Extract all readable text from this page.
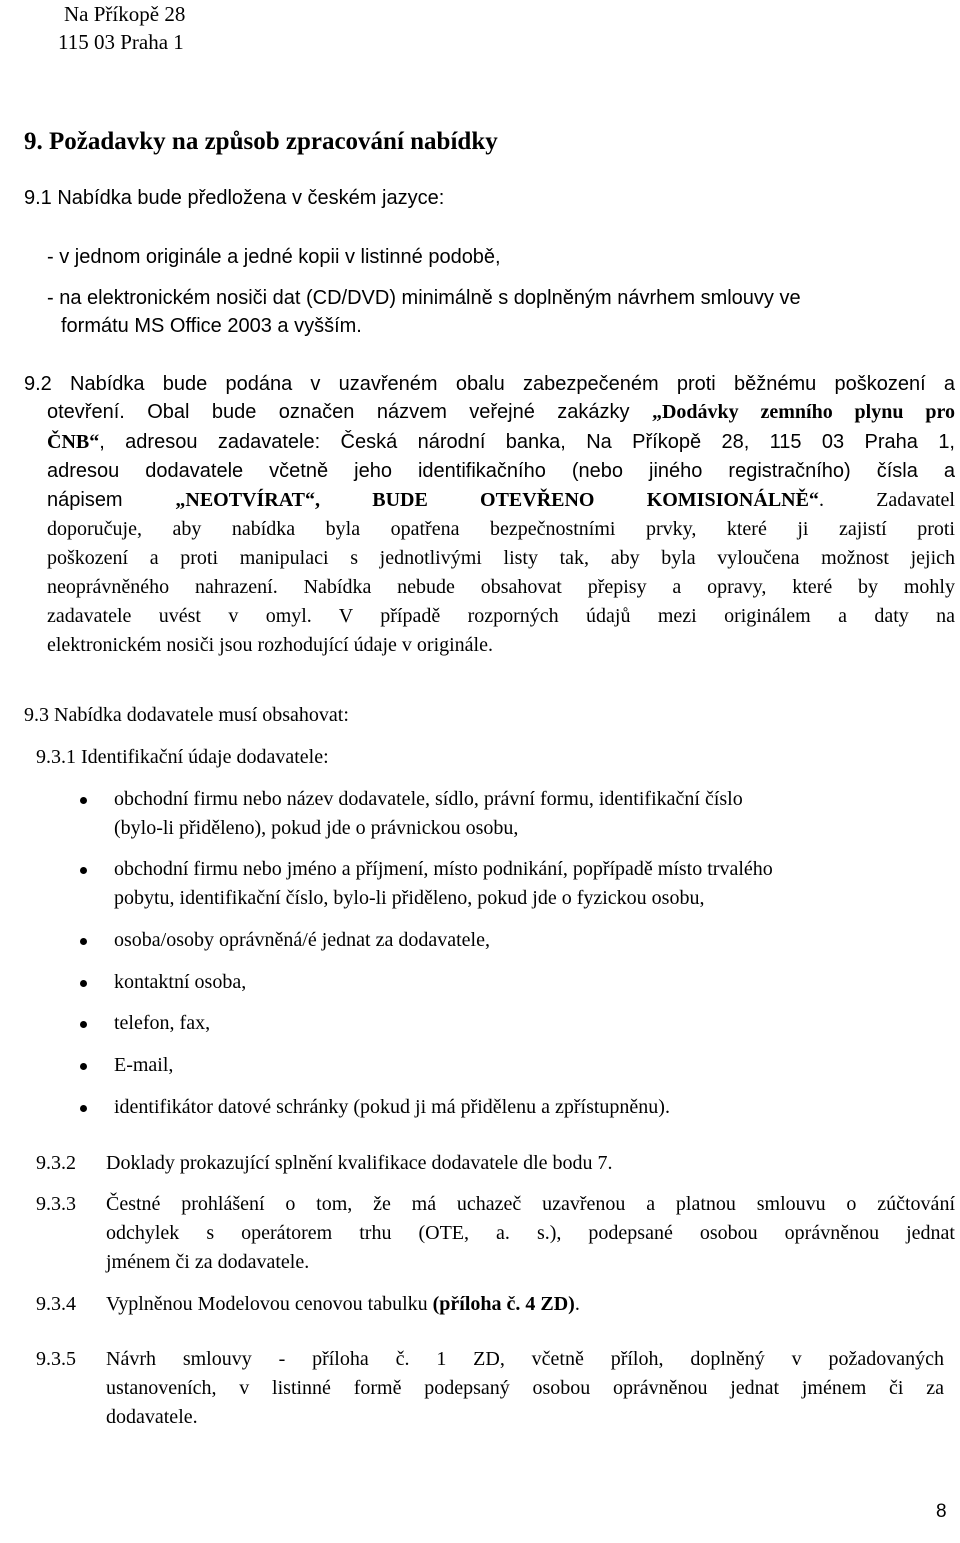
Na Příkopě 28
115 03 Praha 1
9. Požadavky na způsob zpracování nabídky
9.1 Nabídka bude předložena v českém jazyce:
- v jednom originále a jedné kopii v listinné podobě,
- na elektronickém nosiči dat (CD/DVD) minimálně s doplněným návrhem smlouvy ve
formátu MS Office 2003 a vyšším.
9.2 Nabídka bude podána v uzavřeném obalu zabezpečeném proti běžnému poškození a
otevření. Obal bude označen názvem veřejné zakázky „Dodávky zemního plynu pro
ČNB“, adresou zadavatele: Česká národní banka, Na Příkopě 28, 115 03 Praha 1,
adresou dodavatele včetně jeho identifikačního (nebo jiného registračního) čísla a
nápisem „NEOTVÍRAT“, BUDE OTEVŘENO KOMISIONÁLNĚ“. Zadavatel
doporučuje, aby nabídka byla opatřena bezpečnostními prvky, které ji zajistí proti
poškození a proti manipulaci s jednotlivými listy tak, aby byla vyloučena možnost jejich
neoprávněného nahrazení. Nabídka nebude obsahovat přepisy a opravy, které by mohly
zadavatele uvést v omyl. V případě rozporných údajů mezi originálem a daty na
elektronickém nosiči jsou rozhodující údaje v originále.
9.3 Nabídka dodavatele musí obsahovat:
9.3.1 Identifikační údaje dodavatele:
obchodní firmu nebo název dodavatele, sídlo, právní formu, identifikační číslo
(bylo-li přiděleno), pokud jde o právnickou osobu,
obchodní firmu nebo jméno a příjmení, místo podnikání, popřípadě místo trvalého
pobytu, identifikační číslo, bylo-li přiděleno, pokud jde o fyzickou osobu,
osoba/osoby oprávněná/é jednat za dodavatele,
kontaktní osoba,
telefon, fax,
E-mail,
identifikátor datové schránky (pokud ji má přidělenu a zpřístupněnu).
9.3.2 Doklady prokazující splnění kvalifikace dodavatele dle bodu 7.
9.3.3 Čestné prohlášení o tom, že má uchazeč uzavřenou a platnou smlouvu o zúčtování
odchylek s operátorem trhu (OTE, a. s.), podepsané osobou oprávněnou jednat
jménem či za dodavatele.
9.3.4 Vyplněnou Modelovou cenovou tabulku (příloha č. 4 ZD).
9.3.5 Návrh smlouvy - příloha č. 1 ZD, včetně příloh, doplněný v požadovaných
ustanoveních, v listinné formě podepsaný osobou oprávněnou jednat jménem či za
dodavatele.
8
